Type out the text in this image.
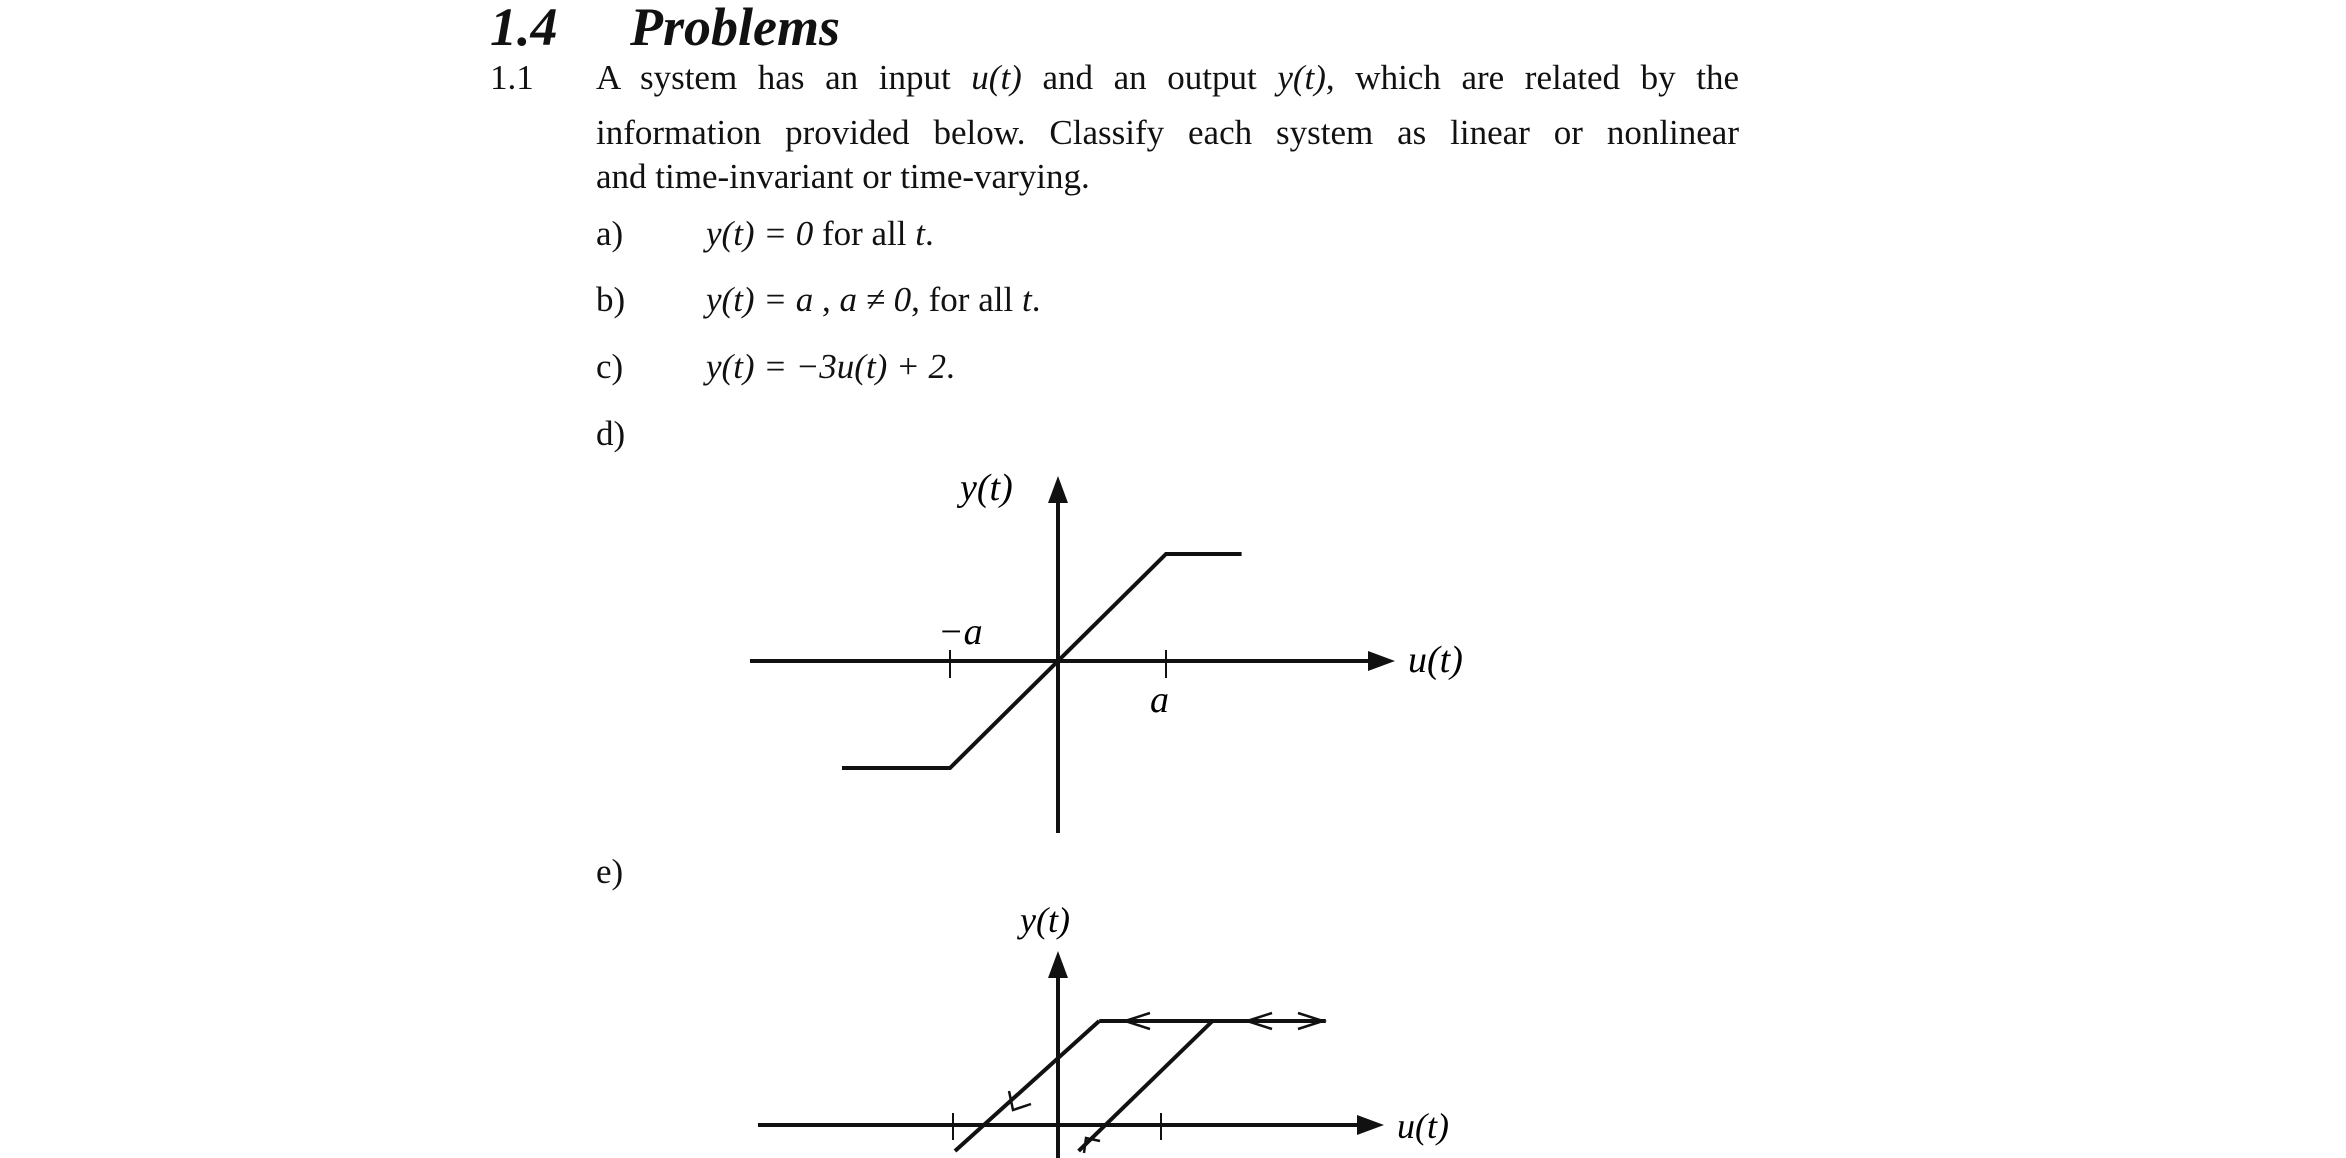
1.4 Problems
1.1 A system has an input u(t) and an output y(t), which are related by the
information provided below. Classify each system as linear or nonlinear
and time-invariant or time-varying.
a) y(t) = 0 for all t.
b) y(t) = a , a ≠ 0, for all t.
c) y(t) = −3u(t) + 2.
d)
e)
y(t)
u(t)
−a
a
y(t)
u(t)
